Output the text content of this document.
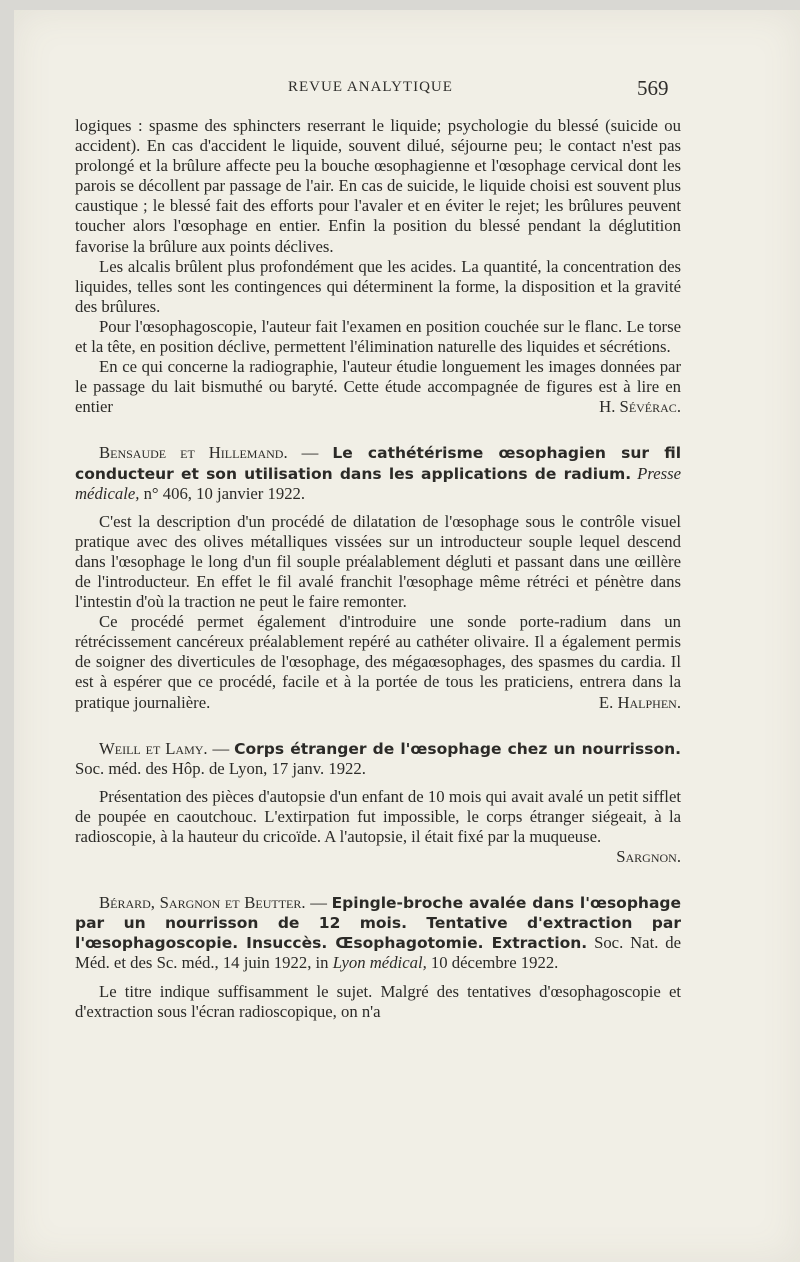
REVUE ANALYTIQUE	569

logiques : spasme des sphincters reserrant le liquide; psychologie du blessé (suicide ou accident). En cas d'accident le liquide, souvent dilué, séjourne peu; le contact n'est pas prolongé et la brûlure affecte peu la bouche œsophagienne et l'œsophage cervical dont les parois se décollent par passage de l'air. En cas de suicide, le liquide choisi est souvent plus caustique ; le blessé fait des efforts pour l'avaler et en éviter le rejet; les brûlures peuvent toucher alors l'œsophage en entier. Enfin la position du blessé pendant la déglutition favorise la brûlure aux points déclives.

Les alcalis brûlent plus profondément que les acides. La quantité, la concentration des liquides, telles sont les contingences qui déterminent la forme, la disposition et la gravité des brûlures.

Pour l'œsophagoscopie, l'auteur fait l'examen en position couchée sur le flanc. Le torse et la tête, en position déclive, permettent l'élimination naturelle des liquides et sécrétions.

En ce qui concerne la radiographie, l'auteur étudie longuement les images données par le passage du lait bismuthé ou baryté. Cette étude accompagnée de figures est à lire en entier	H. Sévérac.

Bensaude et Hillemand. — Le cathétérisme œsophagien sur fil conducteur et son utilisation dans les applications de radium. Presse médicale, n° 406, 10 janvier 1922.

C'est la description d'un procédé de dilatation de l'œsophage sous le contrôle visuel pratique avec des olives métalliques vissées sur un introducteur souple lequel descend dans l'œsophage le long d'un fil souple préalablement dégluti et passant dans une œillère de l'introducteur. En effet le fil avalé franchit l'œsophage même rétréci et pénètre dans l'intestin d'où la traction ne peut le faire remonter.

Ce procédé permet également d'introduire une sonde porte-radium dans un rétrécissement cancéreux préalablement repéré au cathéter olivaire. Il a également permis de soigner des diverticules de l'œsophage, des mégaœsophages, des spasmes du cardia. Il est à espérer que ce procédé, facile et à la portée de tous les praticiens, entrera dans la pratique journalière.	E. Halphen.

Weill et Lamy. — Corps étranger de l'œsophage chez un nourrisson. Soc. méd. des Hôp. de Lyon, 17 janv. 1922.

Présentation des pièces d'autopsie d'un enfant de 10 mois qui avait avalé un petit sifflet de poupée en caoutchouc. L'extirpation fut impossible, le corps étranger siégeait, à la radioscopie, à la hauteur du cricoïde. A l'autopsie, il était fixé par la muqueuse.

Sargnon.

Bérard, Sargnon et Beutter. — Epingle-broche avalée dans l'œsophage par un nourrisson de 12 mois. Tentative d'extraction par l'œsophagoscopie. Insuccès. Œsophagotomie. Extraction. Soc. Nat. de Méd. et des Sc. méd., 14 juin 1922, in Lyon médical, 10 décembre 1922.

Le titre indique suffisamment le sujet. Malgré des tentatives d'œsophagoscopie et d'extraction sous l'écran radioscopique, on n'a
